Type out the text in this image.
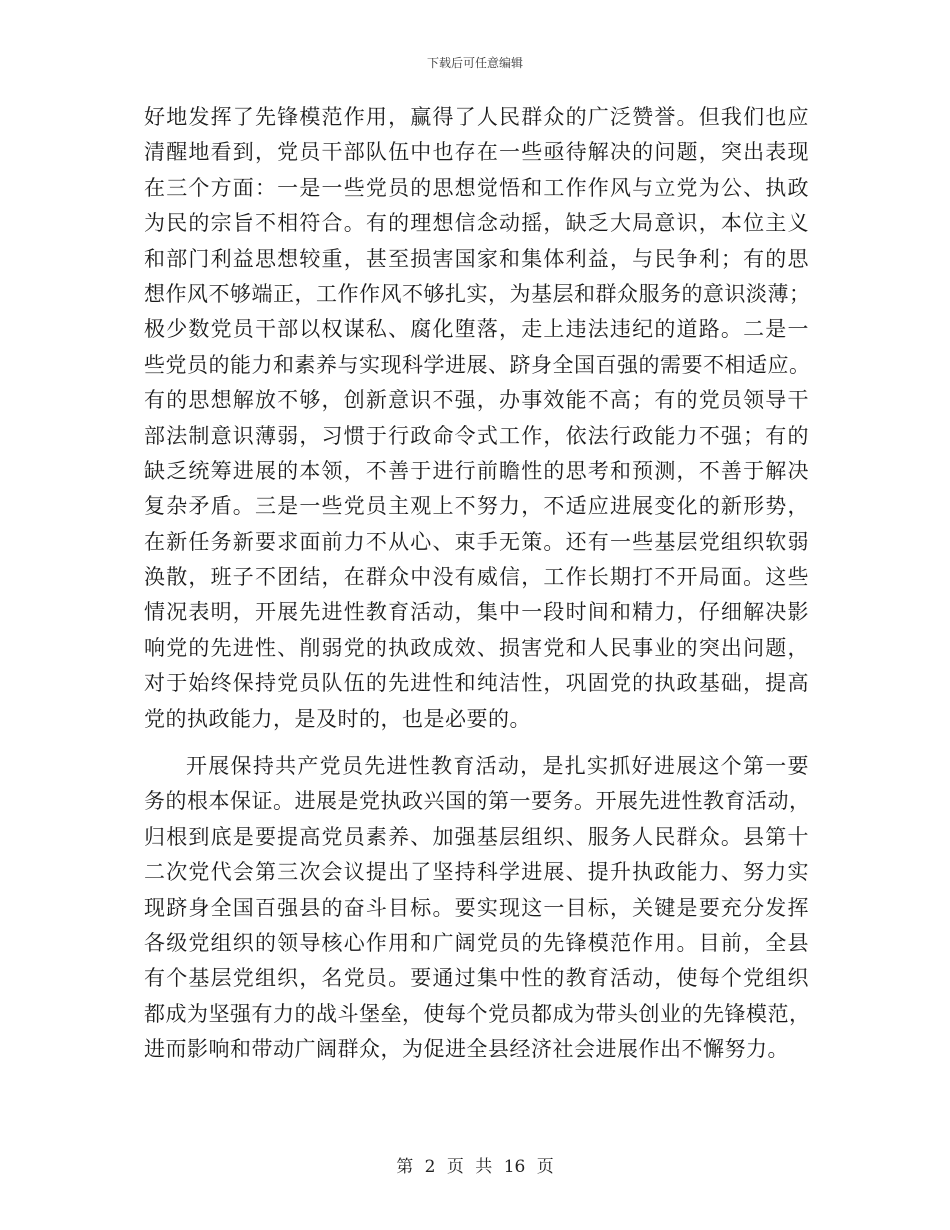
下载后可任意编辑
好地发挥了先锋模范作用，赢得了人民群众的广泛赞誉。但我们也应
清醒地看到，党员干部队伍中也存在一些亟待解决的问题，突出表现
在三个方面：一是一些党员的思想觉悟和工作作风与立党为公、执政
为民的宗旨不相符合。有的理想信念动摇，缺乏大局意识，本位主义
和部门利益思想较重，甚至损害国家和集体利益，与民争利；有的思
想作风不够端正，工作作风不够扎实，为基层和群众服务的意识淡薄；
极少数党员干部以权谋私、腐化堕落，走上违法违纪的道路。二是一
些党员的能力和素养与实现科学进展、跻身全国百强的需要不相适应。
有的思想解放不够，创新意识不强，办事效能不高；有的党员领导干
部法制意识薄弱，习惯于行政命令式工作，依法行政能力不强；有的
缺乏统筹进展的本领，不善于进行前瞻性的思考和预测，不善于解决
复杂矛盾。三是一些党员主观上不努力，不适应进展变化的新形势，
在新任务新要求面前力不从心、束手无策。还有一些基层党组织软弱
涣散，班子不团结，在群众中没有威信，工作长期打不开局面。这些
情况表明，开展先进性教育活动，集中一段时间和精力，仔细解决影
响党的先进性、削弱党的执政成效、损害党和人民事业的突出问题，
对于始终保持党员队伍的先进性和纯洁性，巩固党的执政基础，提高
党的执政能力，是及时的，也是必要的。
开展保持共产党员先进性教育活动，是扎实抓好进展这个第一要
务的根本保证。进展是党执政兴国的第一要务。开展先进性教育活动，
归根到底是要提高党员素养、加强基层组织、服务人民群众。县第十
二次党代会第三次会议提出了坚持科学进展、提升执政能力、努力实
现跻身全国百强县的奋斗目标。要实现这一目标，关键是要充分发挥
各级党组织的领导核心作用和广阔党员的先锋模范作用。目前，全县
有个基层党组织，名党员。要通过集中性的教育活动，使每个党组织
都成为坚强有力的战斗堡垒，使每个党员都成为带头创业的先锋模范，
进而影响和带动广阔群众，为促进全县经济社会进展作出不懈努力。
第 2 页 共 16 页
